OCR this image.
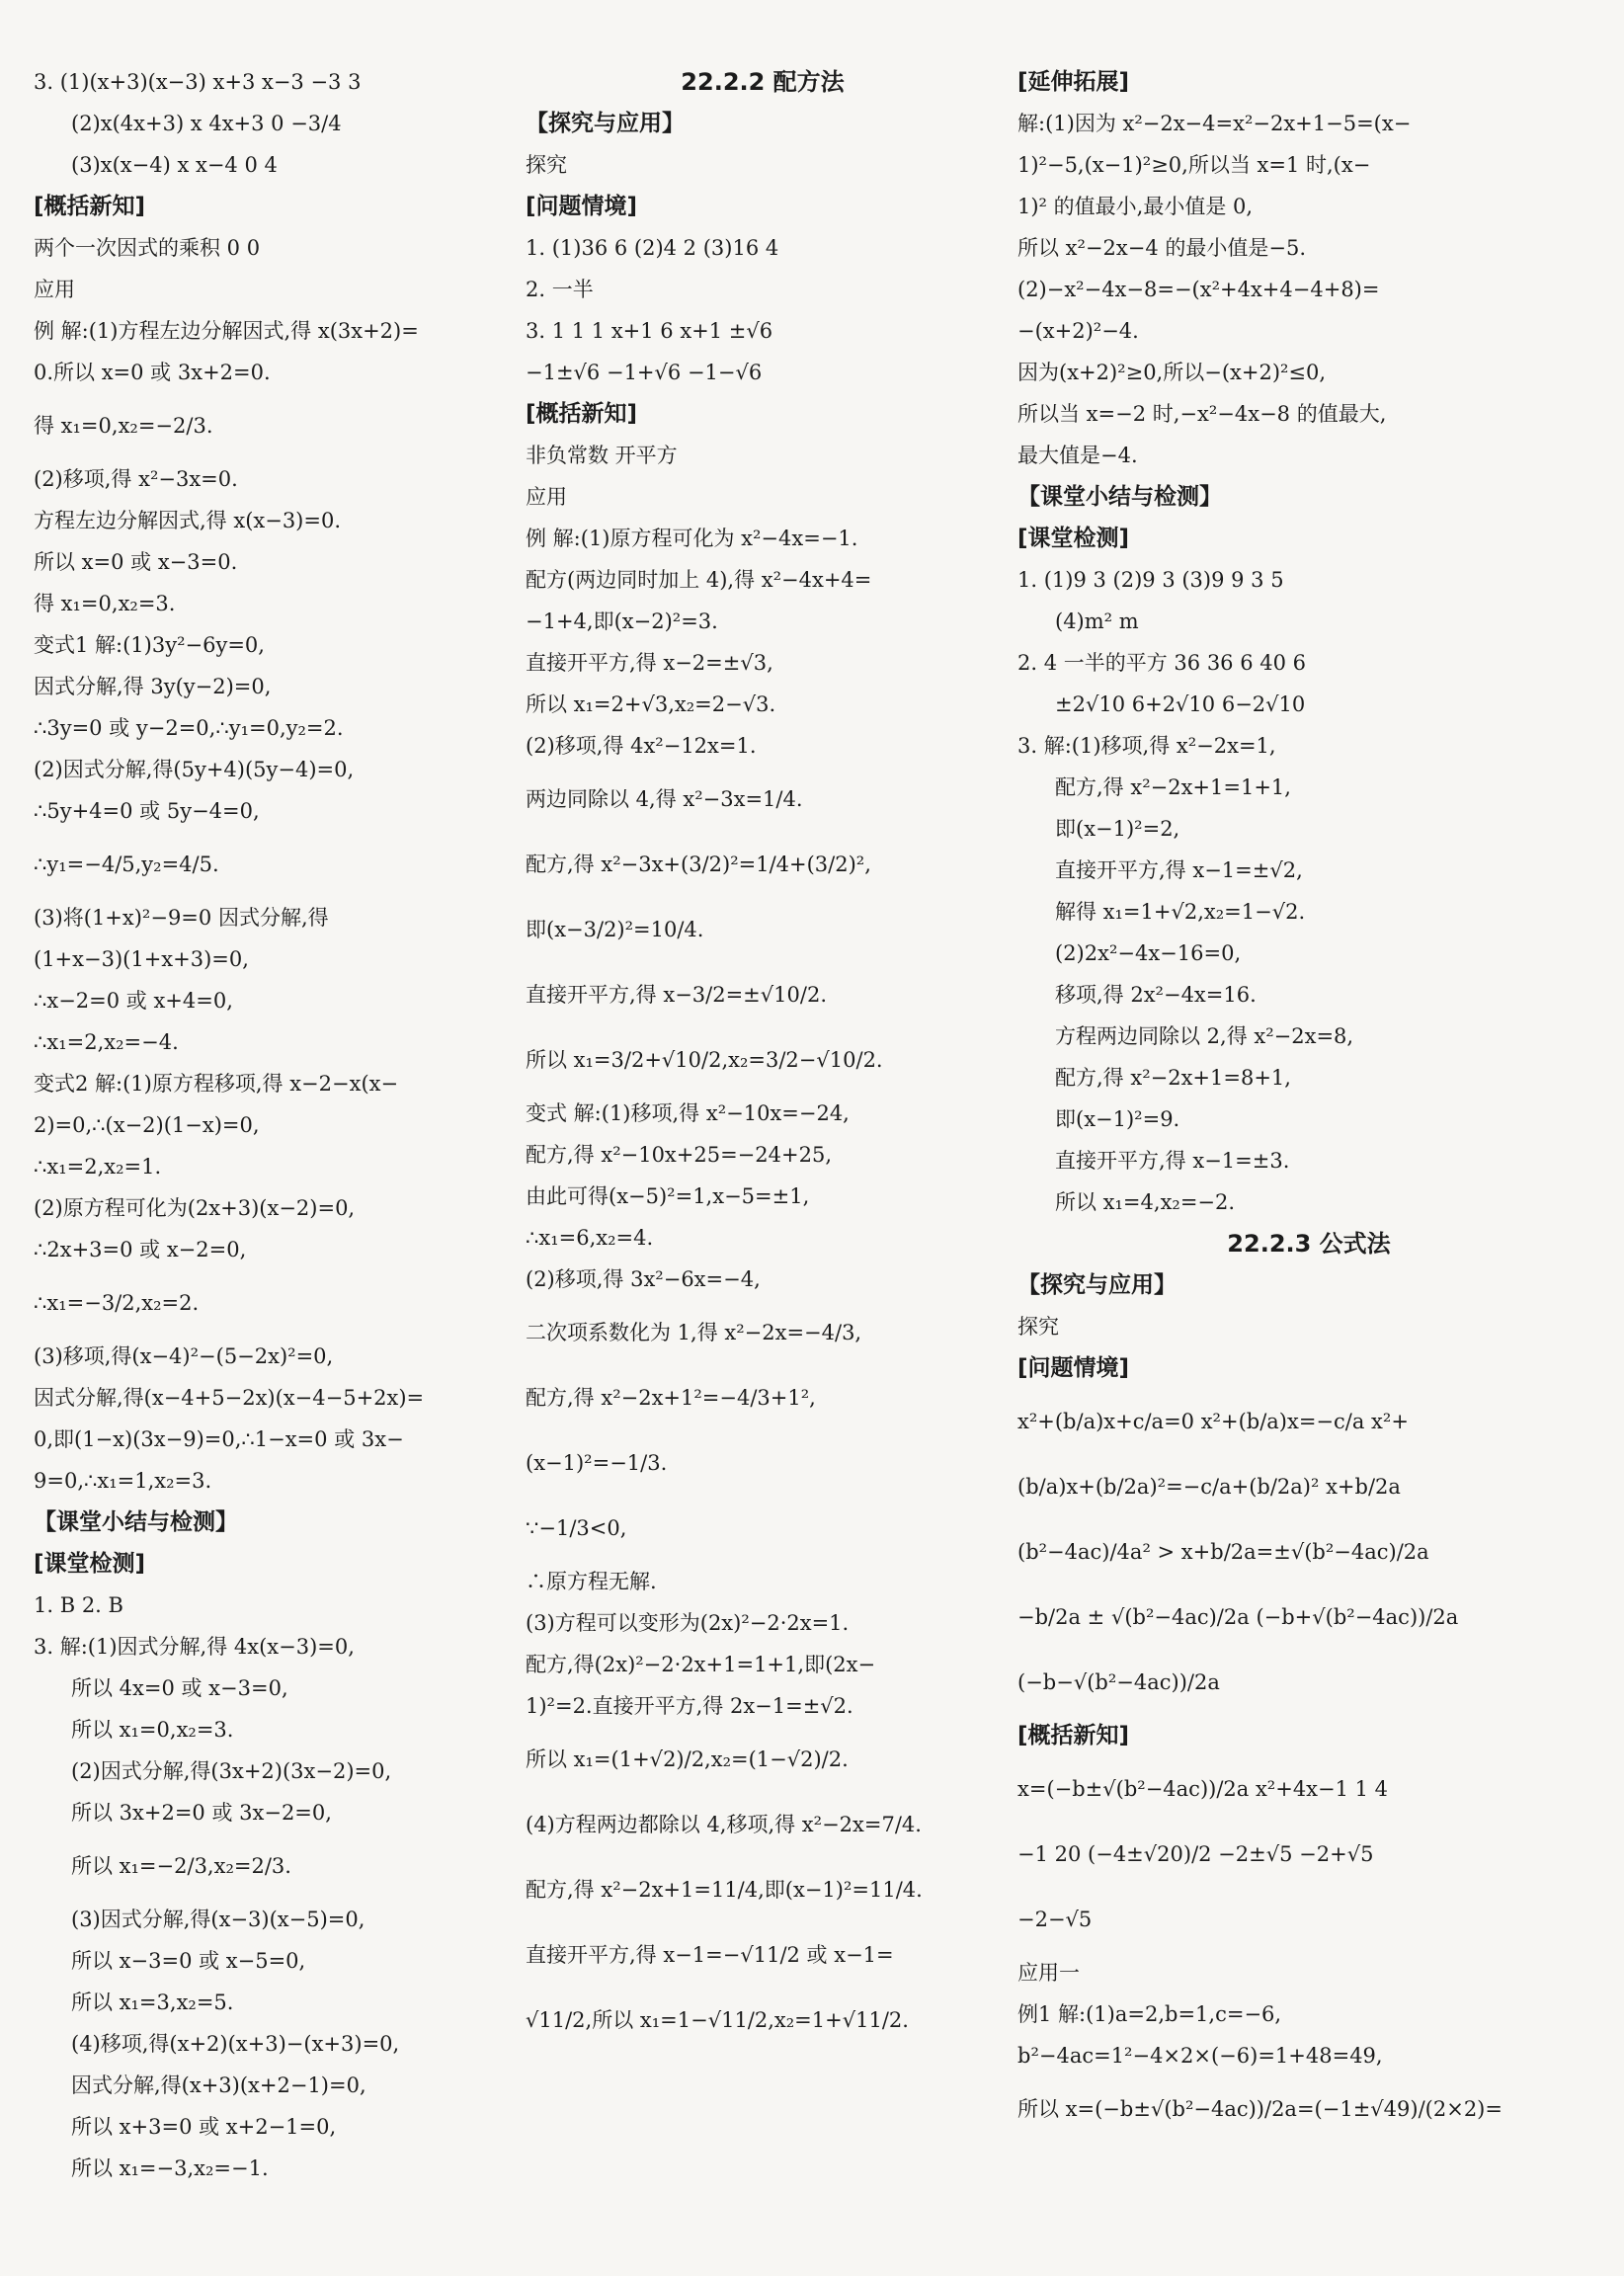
3. (1)(x+3)(x−3) x+3 x−3 −3 3
(2)x(4x+3) x 4x+3 0 −3/4
(3)x(x−4) x x−4 0 4
[概括新知]
两个一次因式的乘积 0 0
应用
例 解:(1)方程左边分解因式,得 x(3x+2)=
0.所以 x=0 或 3x+2=0.
得 x₁=0,x₂=−2/3.
(2)移项,得 x²−3x=0.
方程左边分解因式,得 x(x−3)=0.
所以 x=0 或 x−3=0.
得 x₁=0,x₂=3.
变式1 解:(1)3y²−6y=0,
因式分解,得 3y(y−2)=0,
∴3y=0 或 y−2=0,∴y₁=0,y₂=2.
(2)因式分解,得(5y+4)(5y−4)=0,
∴5y+4=0 或 5y−4=0,
∴y₁=−4/5,y₂=4/5.
(3)将(1+x)²−9=0 因式分解,得
(1+x−3)(1+x+3)=0,
∴x−2=0 或 x+4=0,
∴x₁=2,x₂=−4.
变式2 解:(1)原方程移项,得 x−2−x(x−
2)=0,∴(x−2)(1−x)=0,
∴x₁=2,x₂=1.
(2)原方程可化为(2x+3)(x−2)=0,
∴2x+3=0 或 x−2=0,
∴x₁=−3/2,x₂=2.
(3)移项,得(x−4)²−(5−2x)²=0,
因式分解,得(x−4+5−2x)(x−4−5+2x)=
0,即(1−x)(3x−9)=0,∴1−x=0 或 3x−
9=0,∴x₁=1,x₂=3.
【课堂小结与检测】
[课堂检测]
1. B 2. B
3. 解:(1)因式分解,得 4x(x−3)=0,
所以 4x=0 或 x−3=0,
所以 x₁=0,x₂=3.
(2)因式分解,得(3x+2)(3x−2)=0,
所以 3x+2=0 或 3x−2=0,
所以 x₁=−2/3,x₂=2/3.
(3)因式分解,得(x−3)(x−5)=0,
所以 x−3=0 或 x−5=0,
所以 x₁=3,x₂=5.
(4)移项,得(x+2)(x+3)−(x+3)=0,
因式分解,得(x+3)(x+2−1)=0,
所以 x+3=0 或 x+2−1=0,
所以 x₁=−3,x₂=−1.
22.2.2 配方法
【探究与应用】
探究
[问题情境]
1. (1)36 6 (2)4 2 (3)16 4
2. 一半
3. 1 1 1 x+1 6 x+1 ±√6
−1±√6 −1+√6 −1−√6
[概括新知]
非负常数 开平方
应用
例 解:(1)原方程可化为 x²−4x=−1.
配方(两边同时加上 4),得 x²−4x+4=
−1+4,即(x−2)²=3.
直接开平方,得 x−2=±√3,
所以 x₁=2+√3,x₂=2−√3.
(2)移项,得 4x²−12x=1.
两边同除以 4,得 x²−3x=1/4.
配方,得 x²−3x+(3/2)²=1/4+(3/2)²,
即(x−3/2)²=10/4.
直接开平方,得 x−3/2=±√10/2.
所以 x₁=3/2+√10/2,x₂=3/2−√10/2.
变式 解:(1)移项,得 x²−10x=−24,
配方,得 x²−10x+25=−24+25,
由此可得(x−5)²=1,x−5=±1,
∴x₁=6,x₂=4.
(2)移项,得 3x²−6x=−4,
二次项系数化为 1,得 x²−2x=−4/3,
配方,得 x²−2x+1²=−4/3+1²,
(x−1)²=−1/3.
∵−1/3<0,
∴原方程无解.
(3)方程可以变形为(2x)²−2·2x=1.
配方,得(2x)²−2·2x+1=1+1,即(2x−
1)²=2.直接开平方,得 2x−1=±√2.
所以 x₁=(1+√2)/2,x₂=(1−√2)/2.
(4)方程两边都除以 4,移项,得 x²−2x=7/4.
配方,得 x²−2x+1=11/4,即(x−1)²=11/4.
直接开平方,得 x−1=−√11/2 或 x−1=
√11/2,所以 x₁=1−√11/2,x₂=1+√11/2.
[延伸拓展]
解:(1)因为 x²−2x−4=x²−2x+1−5=(x−
1)²−5,(x−1)²≥0,所以当 x=1 时,(x−
1)² 的值最小,最小值是 0,
所以 x²−2x−4 的最小值是−5.
(2)−x²−4x−8=−(x²+4x+4−4+8)=
−(x+2)²−4.
因为(x+2)²≥0,所以−(x+2)²≤0,
所以当 x=−2 时,−x²−4x−8 的值最大,
最大值是−4.
【课堂小结与检测】
[课堂检测]
1. (1)9 3 (2)9 3 (3)9 9 3 5
(4)m² m
2. 4 一半的平方 36 36 6 40 6
±2√10 6+2√10 6−2√10
3. 解:(1)移项,得 x²−2x=1,
配方,得 x²−2x+1=1+1,
即(x−1)²=2,
直接开平方,得 x−1=±√2,
解得 x₁=1+√2,x₂=1−√2.
(2)2x²−4x−16=0,
移项,得 2x²−4x=16.
方程两边同除以 2,得 x²−2x=8,
配方,得 x²−2x+1=8+1,
即(x−1)²=9.
直接开平方,得 x−1=±3.
所以 x₁=4,x₂=−2.
22.2.3 公式法
【探究与应用】
探究
[问题情境]
x²+(b/a)x+c/a=0 x²+(b/a)x=−c/a x²+
(b/a)x+(b/2a)²=−c/a+(b/2a)² x+b/2a
(b²−4ac)/4a² > x+b/2a=±√(b²−4ac)/2a
−b/2a ± √(b²−4ac)/2a (−b+√(b²−4ac))/2a
(−b−√(b²−4ac))/2a
[概括新知]
x=(−b±√(b²−4ac))/2a x²+4x−1 1 4
−1 20 (−4±√20)/2 −2±√5 −2+√5
−2−√5
应用一
例1 解:(1)a=2,b=1,c=−6,
b²−4ac=1²−4×2×(−6)=1+48=49,
所以 x=(−b±√(b²−4ac))/2a=(−1±√49)/(2×2)=
